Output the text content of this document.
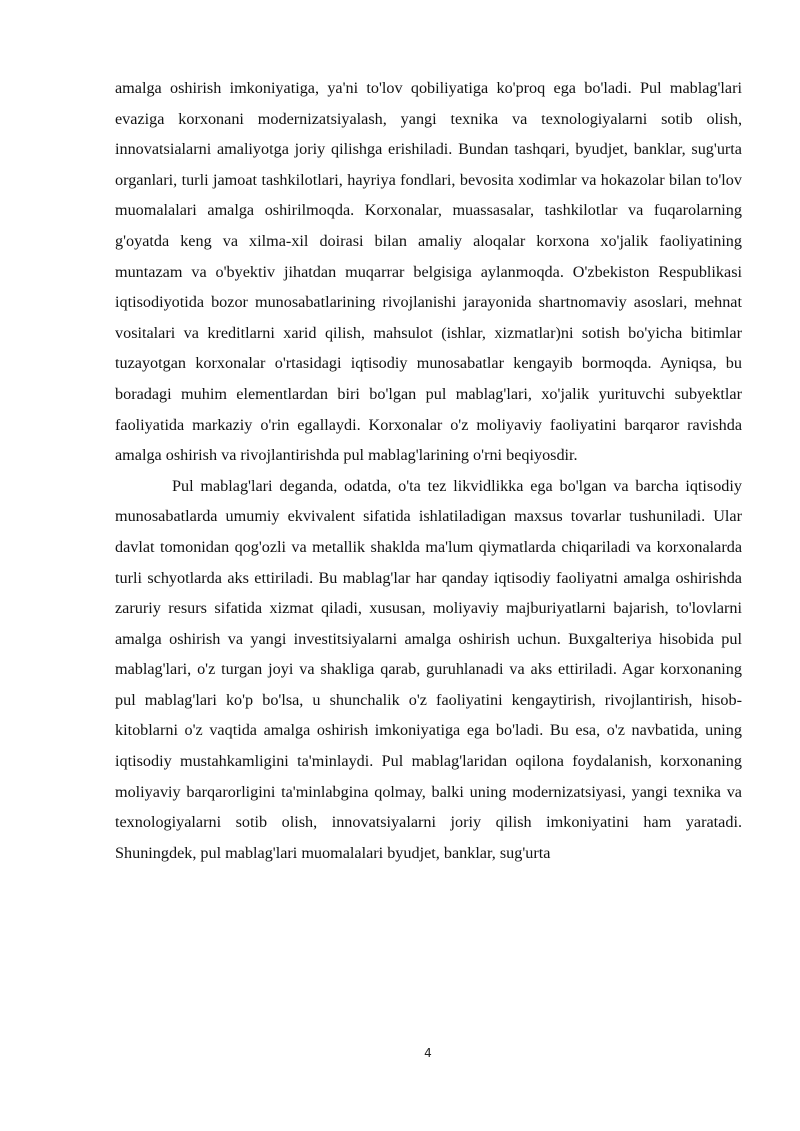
amalga oshirish imkoniyatiga, ya'ni to'lov qobiliyatiga ko'proq ega bo'ladi. Pul mablag'lari evaziga korxonani modernizatsiyalash, yangi texnika va texnologiyalarni sotib olish, innovatsialarni amaliyotga joriy qilishga erishiladi. Bundan tashqari, byudjet, banklar, sug'urta organlari, turli jamoat tashkilotlari, hayriya fondlari, bevosita xodimlar va hokazolar bilan to'lov muomalalari amalga oshirilmoqda. Korxonalar, muassasalar, tashkilotlar va fuqarolarning g'oyatda keng va xilma-xil doirasi bilan amaliy aloqalar korxona xo'jalik faoliyatining muntazam va o'byektiv jihatdan muqarrar belgisiga aylanmoqda. O'zbekiston Respublikasi iqtisodiyotida bozor munosabatlarining rivojlanishi jarayonida shartnomaviy asoslari, mehnat vositalari va kreditlarni xarid qilish, mahsulot (ishlar, xizmatlar)ni sotish bo'yicha bitimlar tuzayotgan korxonalar o'rtasidagi iqtisodiy munosabatlar kengayib bormoqda. Ayniqsa, bu boradagi muhim elementlardan biri bo'lgan pul mablag'lari, xo'jalik yurituvchi subyektlar faoliyatida markaziy o'rin egallaydi. Korxonalar o'z moliyaviy faoliyatini barqaror ravishda amalga oshirish va rivojlantirishda pul mablag'larining o'rni beqiyosdir.

Pul mablag'lari deganda, odatda, o'ta tez likvidlikka ega bo'lgan va barcha iqtisodiy munosabatlarda umumiy ekvivalent sifatida ishlatiladigan maxsus tovarlar tushuniladi. Ular davlat tomonidan qog'ozli va metallik shaklda ma'lum qiymatlarda chiqariladi va korxonalarda turli schyotlarda aks ettiriladi. Bu mablag'lar har qanday iqtisodiy faoliyatni amalga oshirishda zaruriy resurs sifatida xizmat qiladi, xususan, moliyaviy majburiyatlarni bajarish, to'lovlarni amalga oshirish va yangi investitsiyalarni amalga oshirish uchun. Buxgalteriya hisobida pul mablag'lari, o'z turgan joyi va shakliga qarab, guruhlanadi va aks ettiriladi. Agar korxonaning pul mablag'lari ko'p bo'lsa, u shunchalik o'z faoliyatini kengaytirish, rivojlantirish, hisob-kitoblarni o'z vaqtida amalga oshirish imkoniyatiga ega bo'ladi. Bu esa, o'z navbatida, uning iqtisodiy mustahkamligini ta'minlaydi. Pul mablag'laridan oqilona foydalanish, korxonaning moliyaviy barqarorligini ta'minlabgina qolmay, balki uning modernizatsiyasi, yangi texnika va texnologiyalarni sotib olish, innovatsiyalarni joriy qilish imkoniyatini ham yaratadi. Shuningdek, pul mablag'lari muomalalari byudjet, banklar, sug'urta

4
